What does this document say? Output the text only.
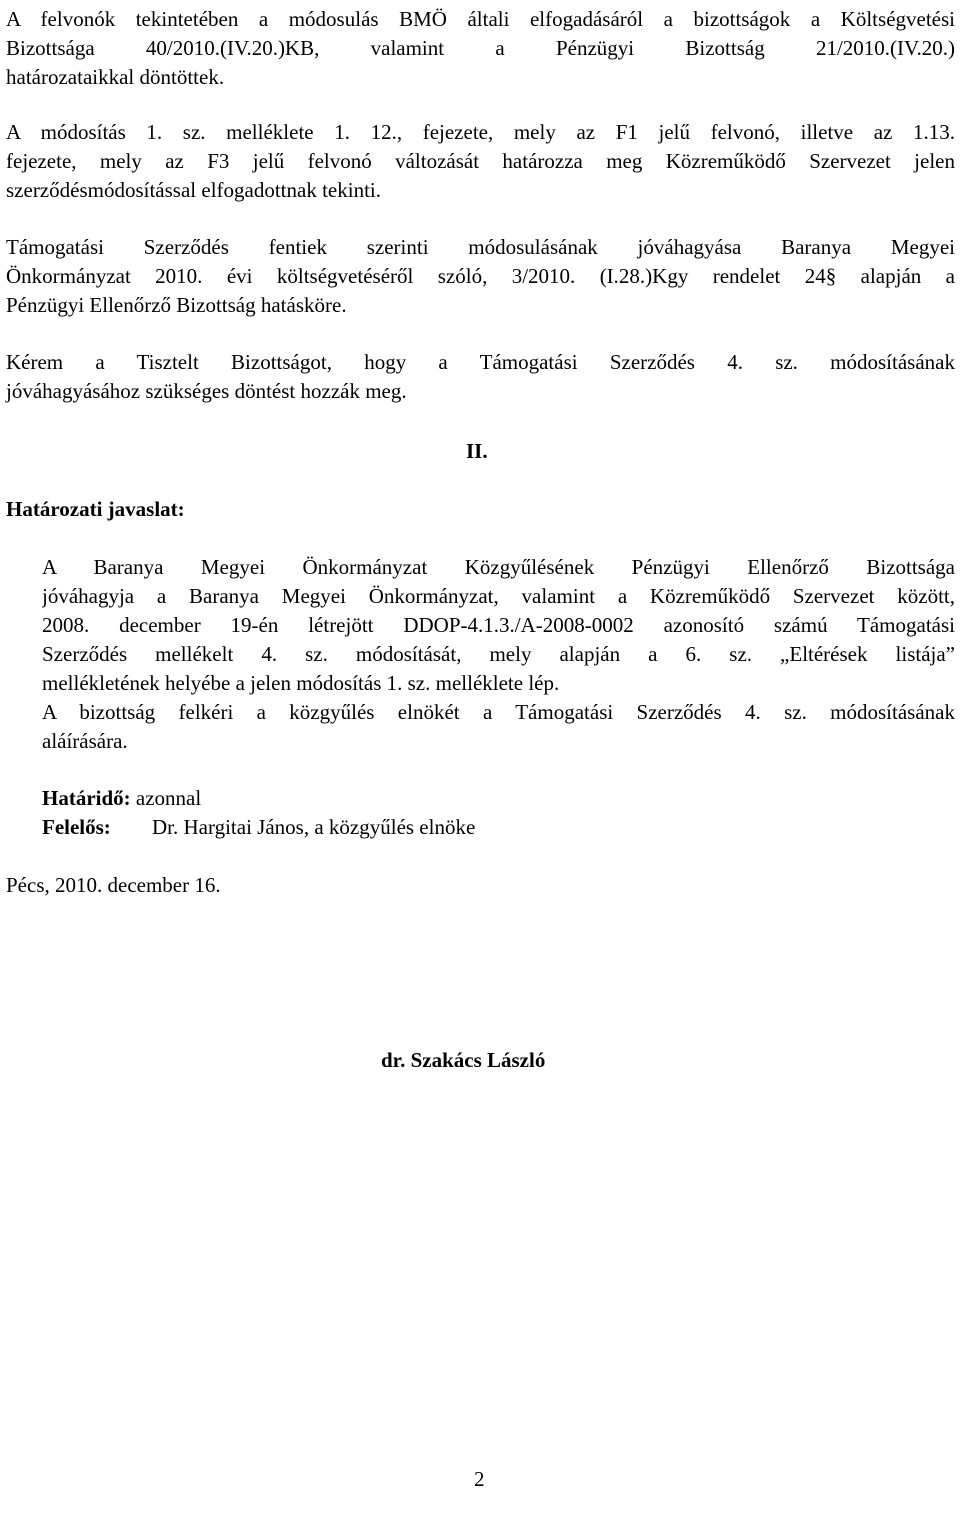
A felvonók tekintetében a módosulás BMÖ általi elfogadásáról a bizottságok a Költségvetési
Bizottsága 40/2010.(IV.20.)KB, valamint a Pénzügyi Bizottság 21/2010.(IV.20.)
határozataikkal döntöttek.
A módosítás 1. sz. melléklete 1. 12., fejezete, mely az F1 jelű felvonó, illetve az 1.13.
fejezete, mely az F3 jelű felvonó változását határozza meg Közreműködő Szervezet jelen
szerződésmódosítással elfogadottnak tekinti.
Támogatási Szerződés fentiek szerinti módosulásának jóváhagyása Baranya Megyei
Önkormányzat 2010. évi költségvetéséről szóló, 3/2010. (I.28.)Kgy rendelet 24§ alapján a
Pénzügyi Ellenőrző Bizottság hatásköre.
Kérem a Tisztelt Bizottságot, hogy a Támogatási Szerződés 4. sz. módosításának
jóváhagyásához szükséges döntést hozzák meg.
II.
Határozati javaslat:
A Baranya Megyei Önkormányzat Közgyűlésének Pénzügyi Ellenőrző Bizottsága
jóváhagyja a Baranya Megyei Önkormányzat, valamint a Közreműködő Szervezet között,
2008. december 19-én létrejött DDOP-4.1.3./A-2008-0002 azonosító számú Támogatási
Szerződés mellékelt 4. sz. módosítását, mely alapján a 6. sz. „Eltérések listája”
mellékletének helyébe a jelen módosítás 1. sz. melléklete lép.
A bizottság felkéri a közgyűlés elnökét a Támogatási Szerződés 4. sz. módosításának
aláírására.
Határidő: azonnal
Felelős: Dr. Hargitai János, a közgyűlés elnöke
Pécs, 2010. december 16.
dr. Szakács László
2
